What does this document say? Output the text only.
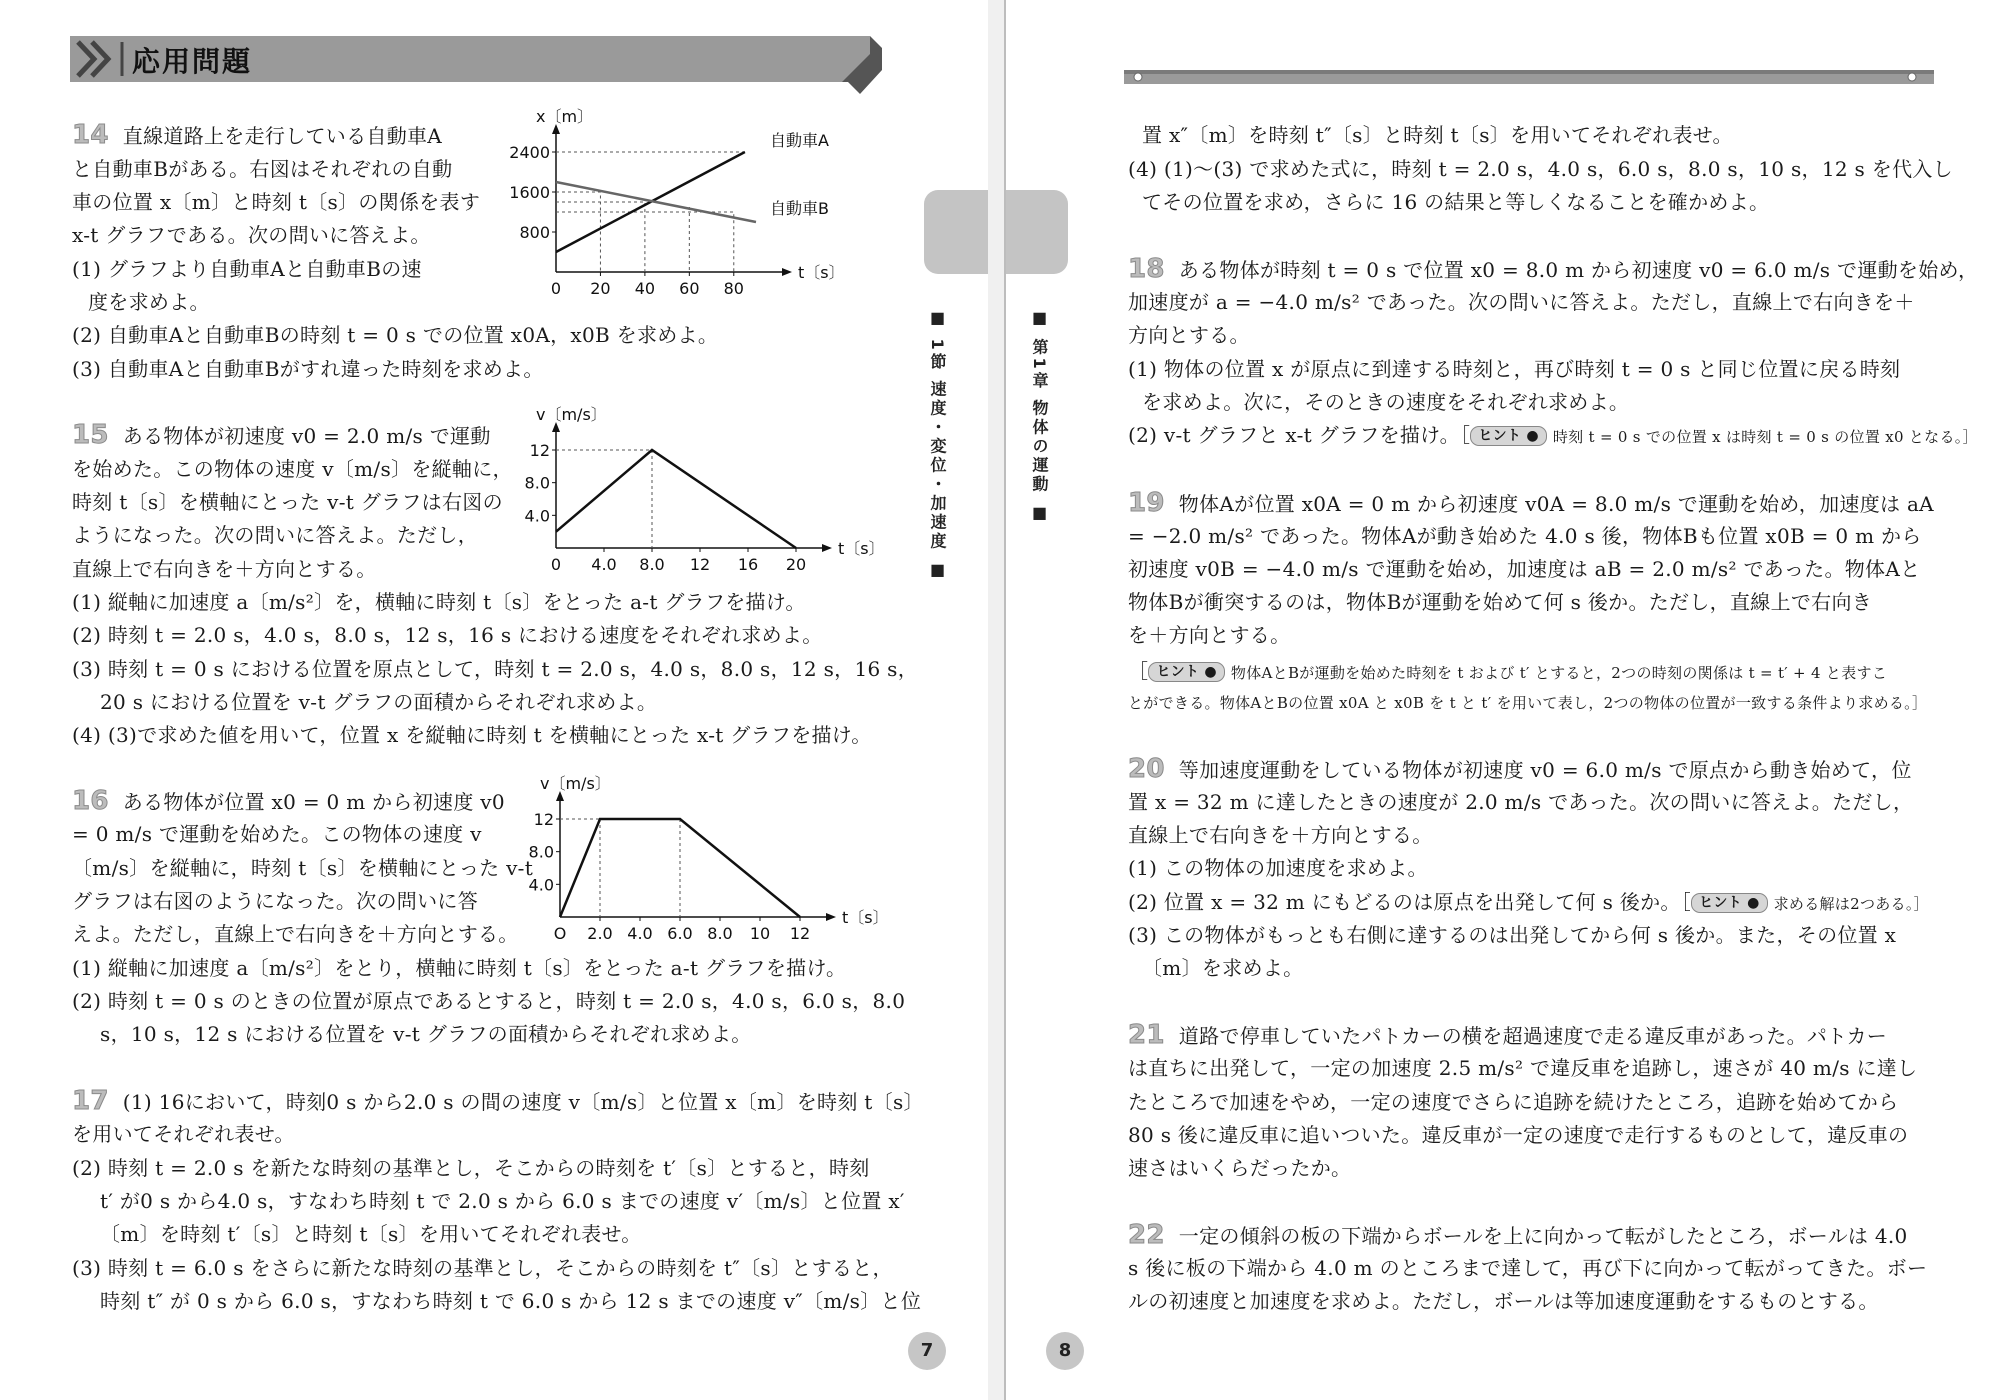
応用問題
14 直線道路上を走行している自動車A
と自動車Bがある。右図はそれぞれの自動
車の位置 x〔m〕と時刻 t〔s〕の関係を表す
x-t グラフである。次の問いに答えよ。
(1) グラフより自動車Aと自動車Bの速
度を求めよ。
(2) 自動車Aと自動車Bの時刻 t = 0 s での位置 x0A，x0B を求めよ。
(3) 自動車Aと自動車Bがすれ違った時刻を求めよ。
15 ある物体が初速度 v0 = 2.0 m/s で運動
を始めた。この物体の速度 v〔m/s〕を縦軸に，
時刻 t〔s〕を横軸にとった v-t グラフは右図の
ようになった。次の問いに答えよ。ただし，
直線上で右向きを＋方向とする。
(1) 縦軸に加速度 a〔m/s²〕を，横軸に時刻 t〔s〕をとった a-t グラフを描け。
(2) 時刻 t = 2.0 s，4.0 s，8.0 s，12 s，16 s における速度をそれぞれ求めよ。
(3) 時刻 t = 0 s における位置を原点として，時刻 t = 2.0 s，4.0 s，8.0 s，12 s，16 s，
20 s における位置を v-t グラフの面積からそれぞれ求めよ。
(4) (3)で求めた値を用いて，位置 x を縦軸に時刻 t を横軸にとった x-t グラフを描け。
16 ある物体が位置 x0 = 0 m から初速度 v0
= 0 m/s で運動を始めた。この物体の速度 v
〔m/s〕を縦軸に，時刻 t〔s〕を横軸にとった v-t
グラフは右図のようになった。次の問いに答
えよ。ただし，直線上で右向きを＋方向とする。
(1) 縦軸に加速度 a〔m/s²〕をとり，横軸に時刻 t〔s〕をとった a-t グラフを描け。
(2) 時刻 t = 0 s のときの位置が原点であるとすると，時刻 t = 2.0 s，4.0 s，6.0 s，8.0
s，10 s，12 s における位置を v-t グラフの面積からそれぞれ求めよ。
17 (1) 16において，時刻0 s から2.0 s の間の速度 v〔m/s〕と位置 x〔m〕を時刻 t〔s〕
を用いてそれぞれ表せ。
(2) 時刻 t = 2.0 s を新たな時刻の基準とし，そこからの時刻を t′〔s〕とすると，時刻
t′ が0 s から4.0 s，すなわち時刻 t で 2.0 s から 6.0 s までの速度 v′〔m/s〕と位置 x′
〔m〕を時刻 t′〔s〕と時刻 t〔s〕を用いてそれぞれ表せ。
(3) 時刻 t = 6.0 s をさらに新たな時刻の基準とし，そこからの時刻を t″〔s〕とすると，
時刻 t″ が 0 s から 6.0 s，すなわち時刻 t で 6.0 s から 12 s までの速度 v″〔m/s〕と位
t〔s〕
x〔m〕
0
2400
1600
800
20 40 60 80
自動車A
自動車B
t〔s〕
v〔m/s〕
0
12
8.0
4.0
4.0 8.0 12 16 20
t〔s〕
v〔m/s〕
O
12
8.0
4.0
2.0 4.0 6.0 8.0 10 12
■ 1節 速度・変位・加速度 ■
7
置 x″〔m〕を時刻 t″〔s〕と時刻 t〔s〕を用いてそれぞれ表せ。
(4) (1)～(3) で求めた式に，時刻 t = 2.0 s，4.0 s，6.0 s，8.0 s，10 s，12 s を代入し
てその位置を求め，さらに 16 の結果と等しくなることを確かめよ。
18 ある物体が時刻 t = 0 s で位置 x0 = 8.0 m から初速度 v0 = 6.0 m/s で運動を始め，
加速度が a = −4.0 m/s² であった。次の問いに答えよ。ただし，直線上で右向きを＋
方向とする。
(1) 物体の位置 x が原点に到達する時刻と，再び時刻 t = 0 s と同じ位置に戻る時刻
を求めよ。次に，そのときの速度をそれぞれ求めよ。
(2) v-t グラフと x-t グラフを描け。［ ヒント ● 時刻 t = 0 s での位置 x は時刻 t = 0 s の位置 x0 となる。］
19 物体Aが位置 x0A = 0 m から初速度 v0A = 8.0 m/s で運動を始め，加速度は aA
= −2.0 m/s² であった。物体Aが動き始めた 4.0 s 後，物体Bも位置 x0B = 0 m から
初速度 v0B = −4.0 m/s で運動を始め，加速度は aB = 2.0 m/s² であった。物体Aと
物体Bが衝突するのは，物体Bが運動を始めて何 s 後か。ただし，直線上で右向き
を＋方向とする。
［ ヒント ● 物体AとBが運動を始めた時刻を t および t′ とすると，2つの時刻の関係は t = t′ + 4 と表すこ
とができる。物体AとBの位置 x0A と x0B を t と t′ を用いて表し，2つの物体の位置が一致する条件より求める。］
20 等加速度運動をしている物体が初速度 v0 = 6.0 m/s で原点から動き始めて，位
置 x = 32 m に達したときの速度が 2.0 m/s であった。次の問いに答えよ。ただし，
直線上で右向きを＋方向とする。
(1) この物体の加速度を求めよ。
(2) 位置 x = 32 m にもどるのは原点を出発して何 s 後か。［ ヒント ● 求める解は2つある。］
(3) この物体がもっとも右側に達するのは出発してから何 s 後か。また，その位置 x
〔m〕を求めよ。
21 道路で停車していたパトカーの横を超過速度で走る違反車があった。パトカー
は直ちに出発して，一定の加速度 2.5 m/s² で違反車を追跡し，速さが 40 m/s に達し
たところで加速をやめ，一定の速度でさらに追跡を続けたところ，追跡を始めてから
80 s 後に違反車に追いついた。違反車が一定の速度で走行するものとして，違反車の
速さはいくらだったか。
22 一定の傾斜の板の下端からボールを上に向かって転がしたところ，ボールは 4.0
s 後に板の下端から 4.0 m のところまで達して，再び下に向かって転がってきた。ボー
ルの初速度と加速度を求めよ。ただし，ボールは等加速度運動をするものとする。
■ 第1章 物体の運動 ■
8
